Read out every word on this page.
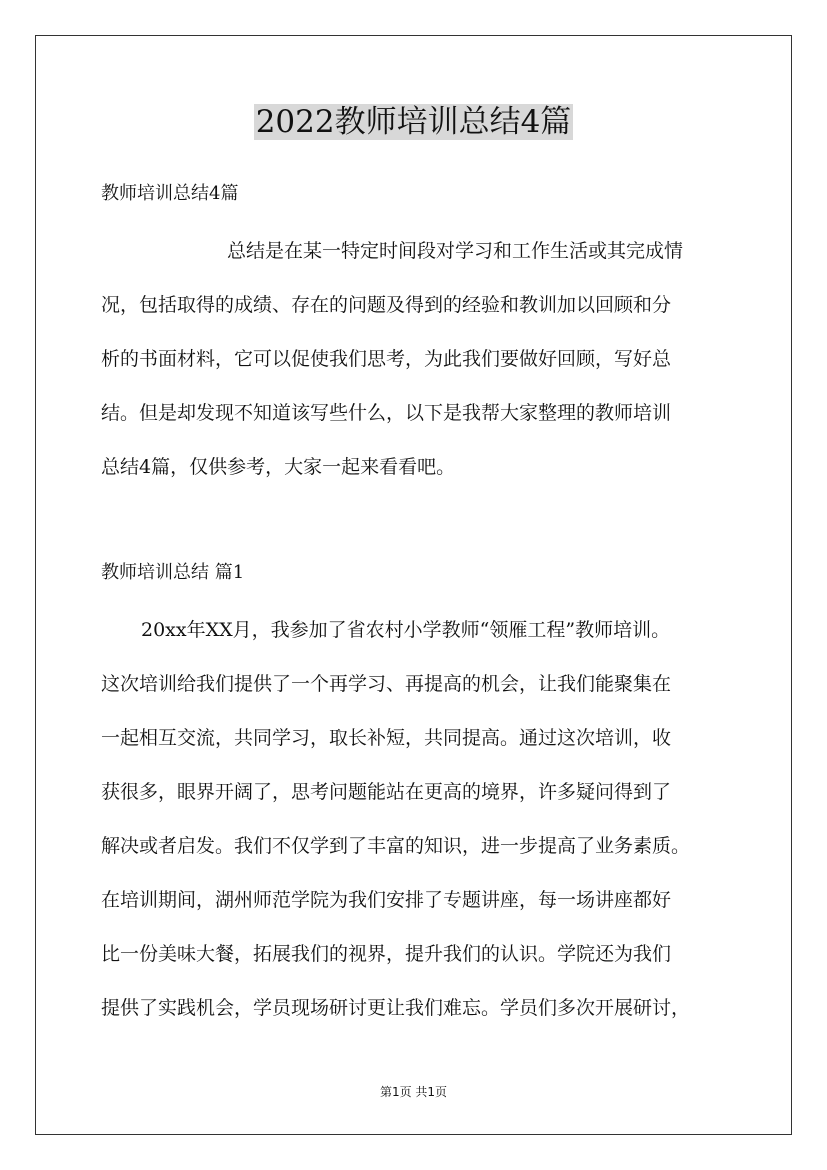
2022教师培训总结4篇

教师培训总结4篇

总结是在某一特定时间段对学习和工作生活或其完成情
况，包括取得的成绩、存在的问题及得到的经验和教训加以回顾和分
析的书面材料，它可以促使我们思考，为此我们要做好回顾，写好总
结。但是却发现不知道该写些什么，以下是我帮大家整理的教师培训
总结4篇，仅供参考，大家一起来看看吧。

教师培训总结 篇1

20xx年XX月，我参加了省农村小学教师“领雁工程”教师培训。
这次培训给我们提供了一个再学习、再提高的机会，让我们能聚集在
一起相互交流，共同学习，取长补短，共同提高。通过这次培训，收
获很多，眼界开阔了，思考问题能站在更高的境界，许多疑问得到了
解决或者启发。我们不仅学到了丰富的知识，进一步提高了业务素质。
在培训期间，湖州师范学院为我们安排了专题讲座，每一场讲座都好
比一份美味大餐，拓展我们的视界，提升我们的认识。学院还为我们
提供了实践机会，学员现场研讨更让我们难忘。学员们多次开展研讨，
第1页 共1页
